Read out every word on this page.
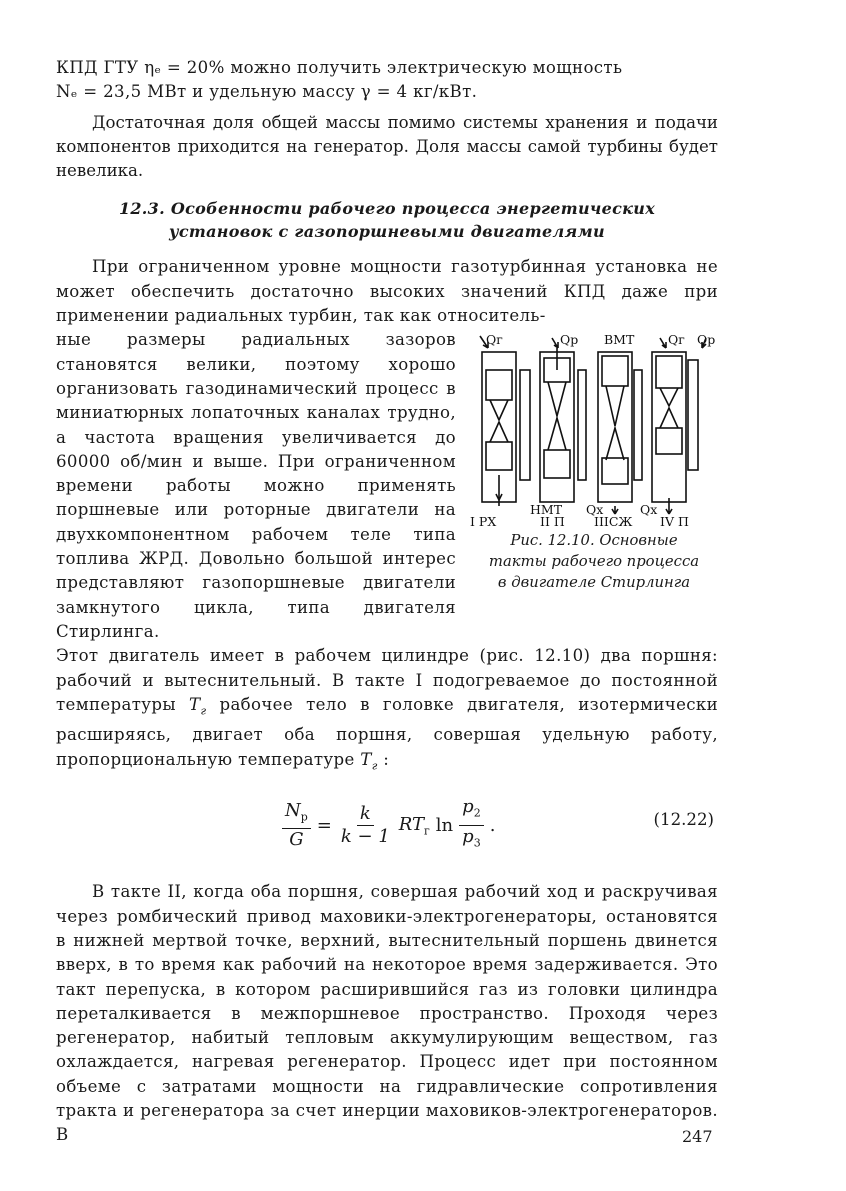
КПД ГТУ ηₑ = 20% можно получить электрическую мощность

Nₑ = 23,5 МВт и удельную массу γ = 4 кг/кВт.

Достаточная доля общей массы помимо системы хранения и подачи компонентов приходится на генератор. Доля массы самой турбины будет невелика.

12.3. Особенности рабочего процесса энергетических
установок с газопоршневыми двигателями

При ограниченном уровне мощности газотурбинная установка не может обеспечить достаточно высоких значений КПД даже при применении радиальных турбин, так как относитель-

Qг	Qр ВМТ	Qг Qр
НМТ Qх	Qх
I РХ	II П IIIСЖ IV П
Рис. 12.10. Основные
такты рабочего процесса
в двигателе Стирлинга

ные размеры радиальных зазоров становятся велики, поэтому хорошо организовать газодинамический процесс в миниатюрных лопаточных каналах трудно, а частота вращения увеличивается до 60000 об/мин и выше. При ограниченном времени работы можно применять поршневые или роторные двигатели на двухкомпонентном рабочем теле типа топлива ЖРД. Довольно большой интерес представляют газопоршневые двигатели замкнутого цикла, типа двигателя Стирлинга.

Этот двигатель имеет в рабочем цилиндре (рис. 12.10) два поршня: рабочий и вытеснительный. В такте I подогреваемое до постоянной температуры $T_г$ рабочее тело в головке двигателя, изотермически расширяясь, двигает оба поршня, совершая удельную работу, пропорциональную температуре $T_г$ :

$\frac{N_р}{G} = \frac{k}{k - 1} RT_г$ $\ln \frac{p_2}{p_3}$ .	(12.22)

В такте II, когда оба поршня, совершая рабочий ход и раскручивая через ромбический привод маховики-электрогенераторы, остановятся в нижней мертвой точке, верхний, вытеснительный поршень двинется вверх, в то время как рабочий на некоторое время задерживается. Это такт перепуска, в котором расширившийся газ из головки цилиндра переталкивается в межпоршневое пространство. Проходя через регенератор, набитый тепловым аккумулирующим веществом, газ охлаждается, нагревая регенератор. Процесс идет при постоянном объеме с затратами мощности на гидравлические сопротивления тракта и регенератора за счет инерции маховиков-электрогенераторов. В	247
